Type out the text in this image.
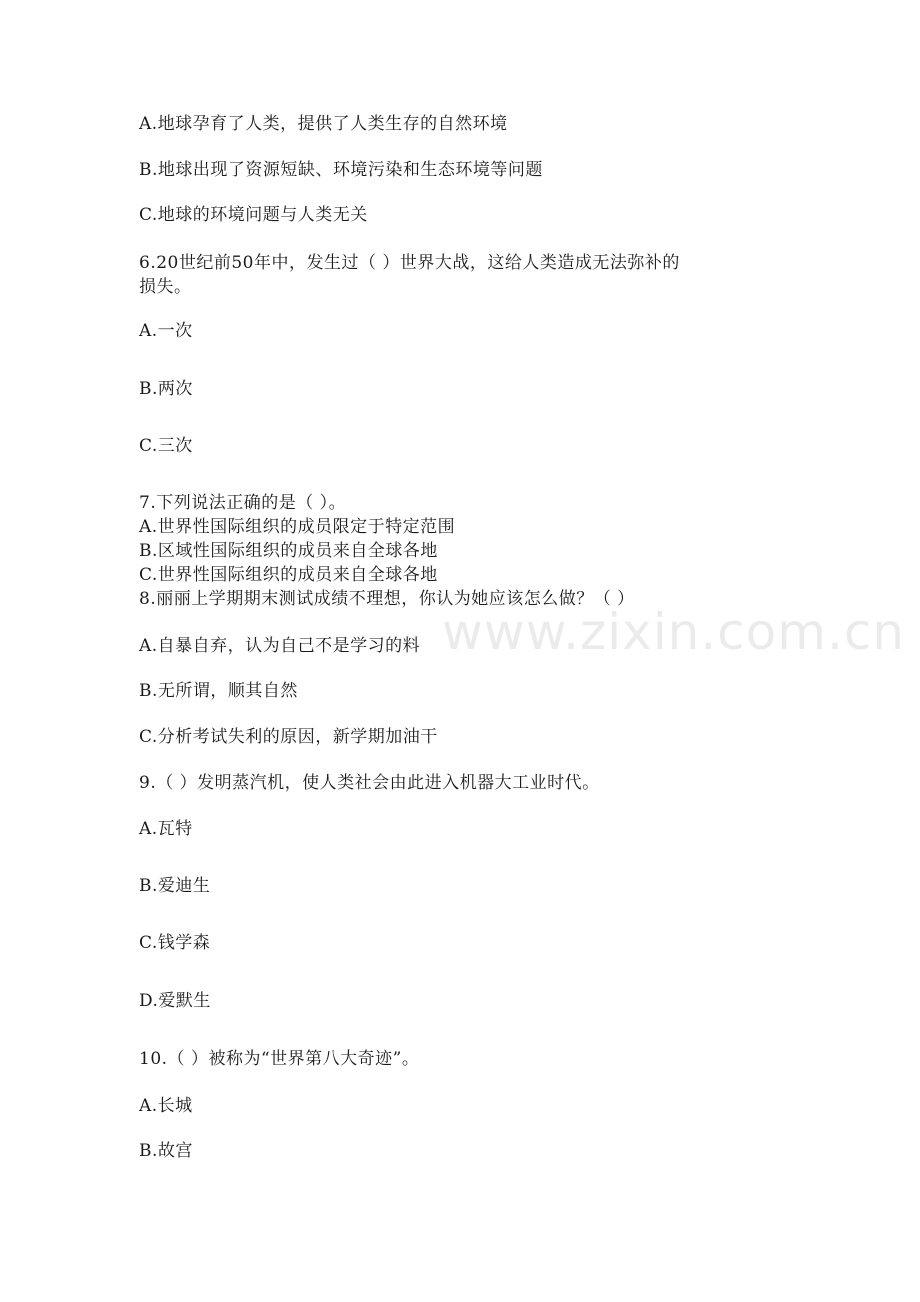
A.地球孕育了人类，提供了人类生存的自然环境
B.地球出现了资源短缺、环境污染和生态环境等问题
C.地球的环境问题与人类无关
6.20世纪前50年中，发生过（ ）世界大战，这给人类造成无法弥补的
损失。
A.一次
B.两次
C.三次
7.下列说法正确的是（ ）。
A.世界性国际组织的成员限定于特定范围
B.区域性国际组织的成员来自全球各地
C.世界性国际组织的成员来自全球各地
8.丽丽上学期期末测试成绩不理想，你认为她应该怎么做？（ ）
A.自暴自弃，认为自己不是学习的料
B.无所谓，顺其自然
C.分析考试失利的原因，新学期加油干
9.（ ）发明蒸汽机，使人类社会由此进入机器大工业时代。
A.瓦特
B.爱迪生
C.钱学森
D.爱默生
10.（ ）被称为“世界第八大奇迹”。
A.长城
B.故宫
www.zixin.com.cn
